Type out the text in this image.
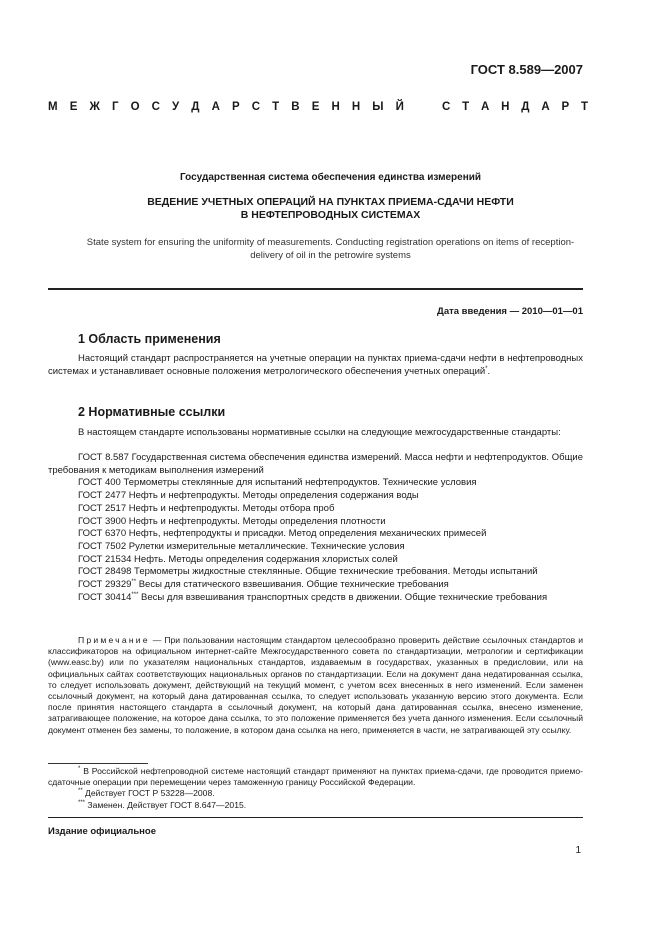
ГОСТ 8.589—2007
М Е Ж Г О С У Д А Р С Т В Е Н Н Ы Й	С Т А Н Д А Р Т
Государственная система обеспечения единства измерений
ВЕДЕНИЕ УЧЕТНЫХ ОПЕРАЦИЙ НА ПУНКТАХ ПРИЕМА-СДАЧИ НЕФТИ
В НЕФТЕПРОВОДНЫХ СИСТЕМАХ
State system for ensuring the uniformity of measurements. Conducting registration operations on items of reception-
delivery of oil in the petrowire systems
Дата введения — 2010—01—01
1 Область применения
Настоящий стандарт распространяется на учетные операции на пунктах приема-сдачи нефти в нефтепроводных системах и устанавливает основные положения метрологического обеспечения учетных операций*.
2 Нормативные ссылки
В настоящем стандарте использованы нормативные ссылки на следующие межгосударственные стандарты:
ГОСТ 8.587 Государственная система обеспечения единства измерений. Масса нефти и нефтепродуктов. Общие требования к методикам выполнения измерений
ГОСТ 400 Термометры стеклянные для испытаний нефтепродуктов. Технические условия
ГОСТ 2477 Нефть и нефтепродукты. Методы определения содержания воды
ГОСТ 2517 Нефть и нефтепродукты. Методы отбора проб
ГОСТ 3900 Нефть и нефтепродукты. Методы определения плотности
ГОСТ 6370 Нефть, нефтепродукты и присадки. Метод определения механических примесей
ГОСТ 7502 Рулетки измерительные металлические. Технические условия
ГОСТ 21534 Нефть. Методы определения содержания хлористых солей
ГОСТ 28498 Термометры жидкостные стеклянные. Общие технические требования. Методы испытаний
ГОСТ 29329** Весы для статического взвешивания. Общие технические требования
ГОСТ 30414*** Весы для взвешивания транспортных средств в движении. Общие технические требования
Примечание — При пользовании настоящим стандартом целесообразно проверить действие ссылочных стандартов и классификаторов на официальном интернет-сайте Межгосударственного совета по стандартизации, метрологии и сертификации (www.easc.by) или по указателям национальных стандартов, издаваемым в государствах, указанных в предисловии, или на официальных сайтах соответствующих национальных органов по стандартизации. Если на документ дана недатированная ссылка, то следует использовать документ, действующий на текущий момент, с учетом всех внесенных в него изменений. Если заменен ссылочный документ, на который дана датированная ссылка, то следует использовать указанную версию этого документа. Если после принятия настоящего стандарта в ссылочный документ, на который дана датированная ссылка, внесено изменение, затрагивающее положение, на которое дана ссылка, то это положение применяется без учета данного изменения. Если ссылочный документ отменен без замены, то положение, в котором дана ссылка на него, применяется в части, не затрагивающей эту ссылку.
* В Российской нефтепроводной системе настоящий стандарт применяют на пунктах приема-сдачи, где проводится приемо-сдаточные операции при перемещении через таможенную границу Российской Федерации.
** Действует ГОСТ Р 53228—2008.
*** Заменен. Действует ГОСТ 8.647—2015.
Издание официальное
1
